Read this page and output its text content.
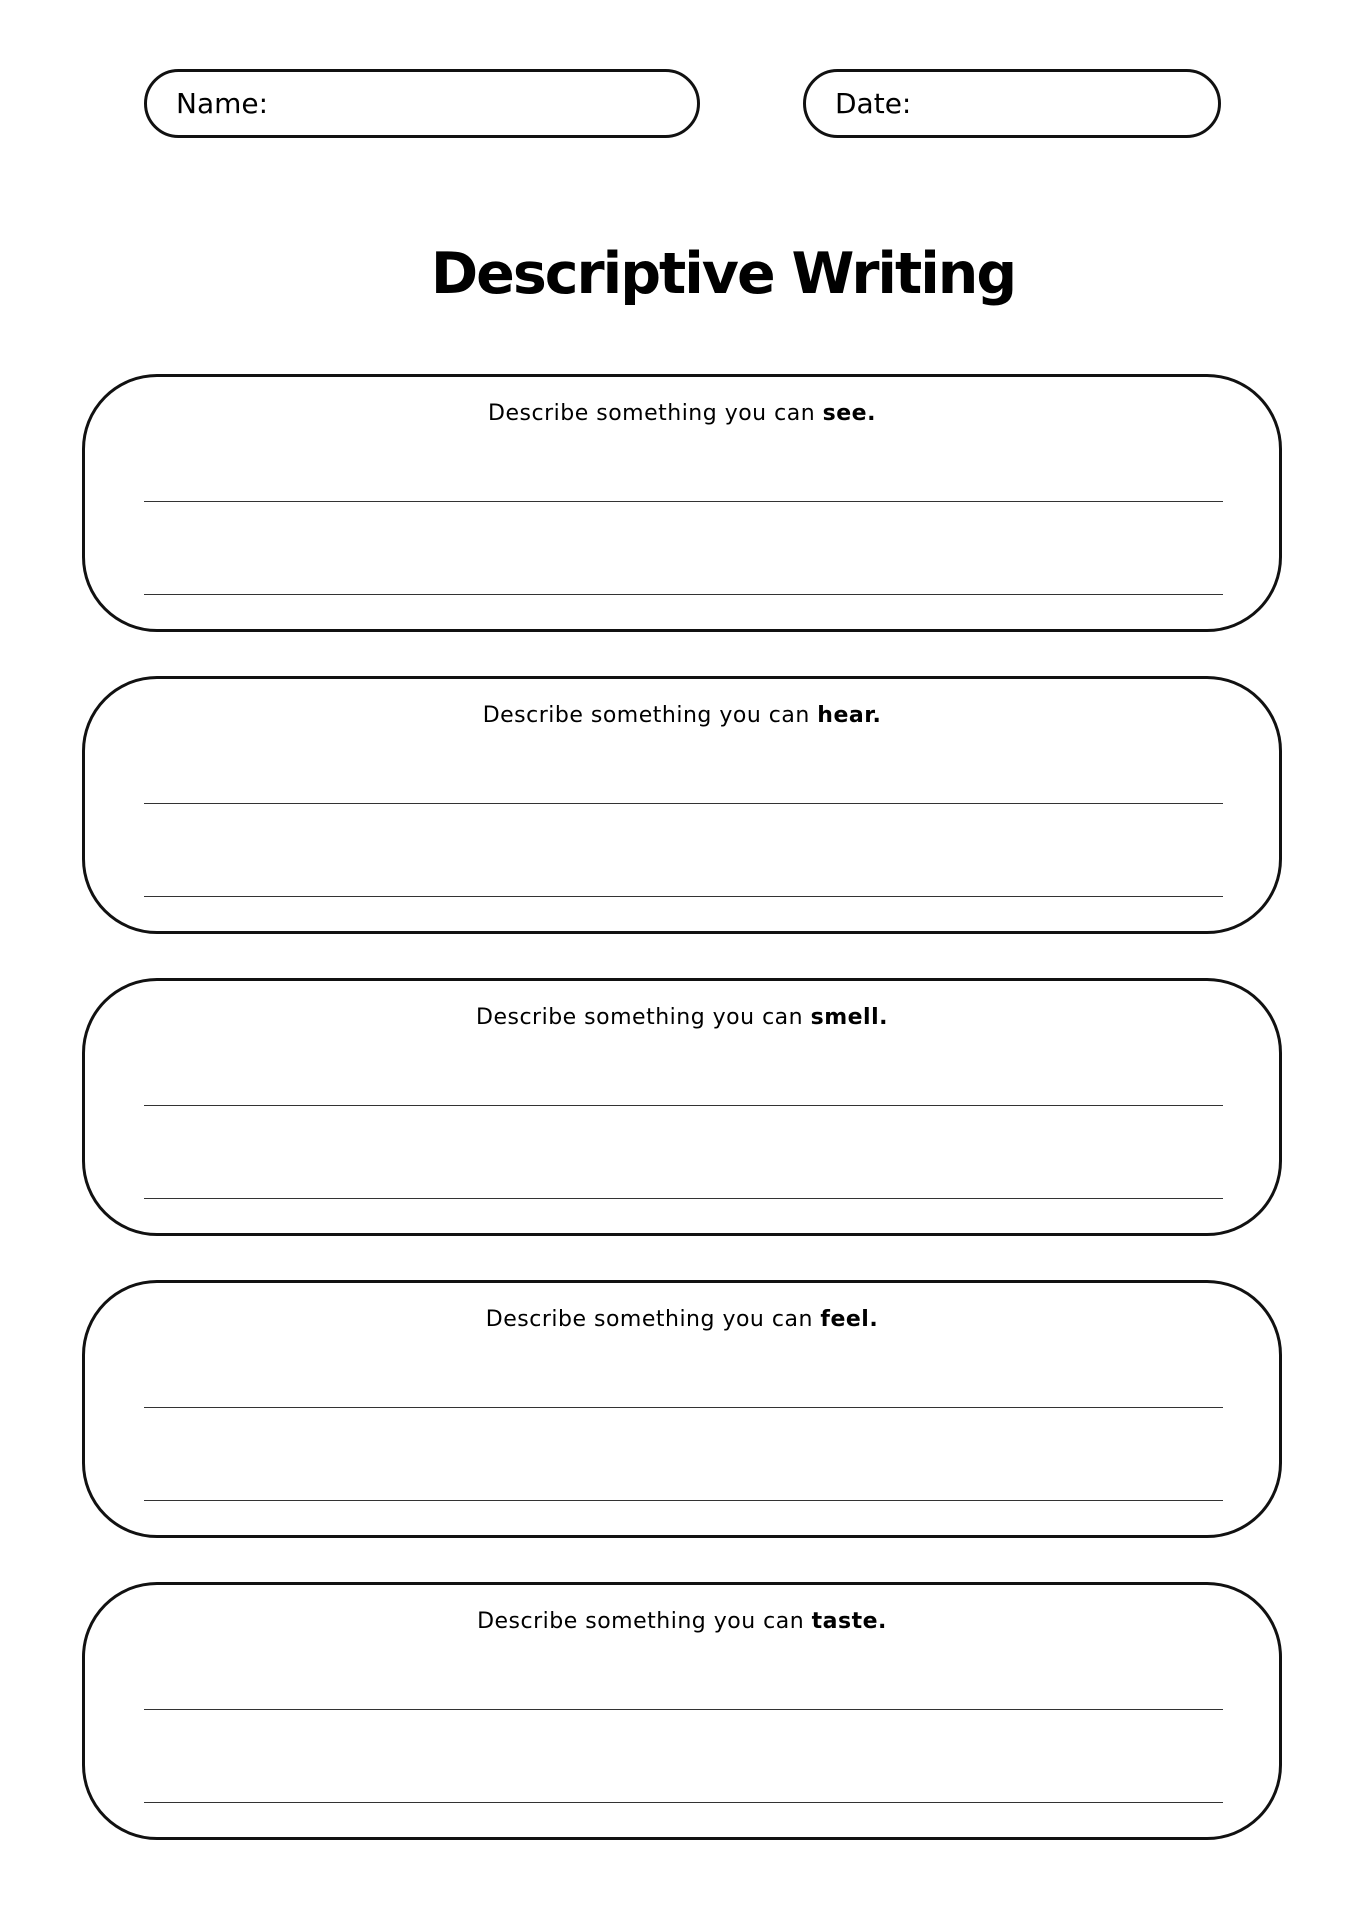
Name:	Date:
Descriptive Writing
Describe something you can see.
Describe something you can hear.
Describe something you can smell.
Describe something you can feel.
Describe something you can taste.
